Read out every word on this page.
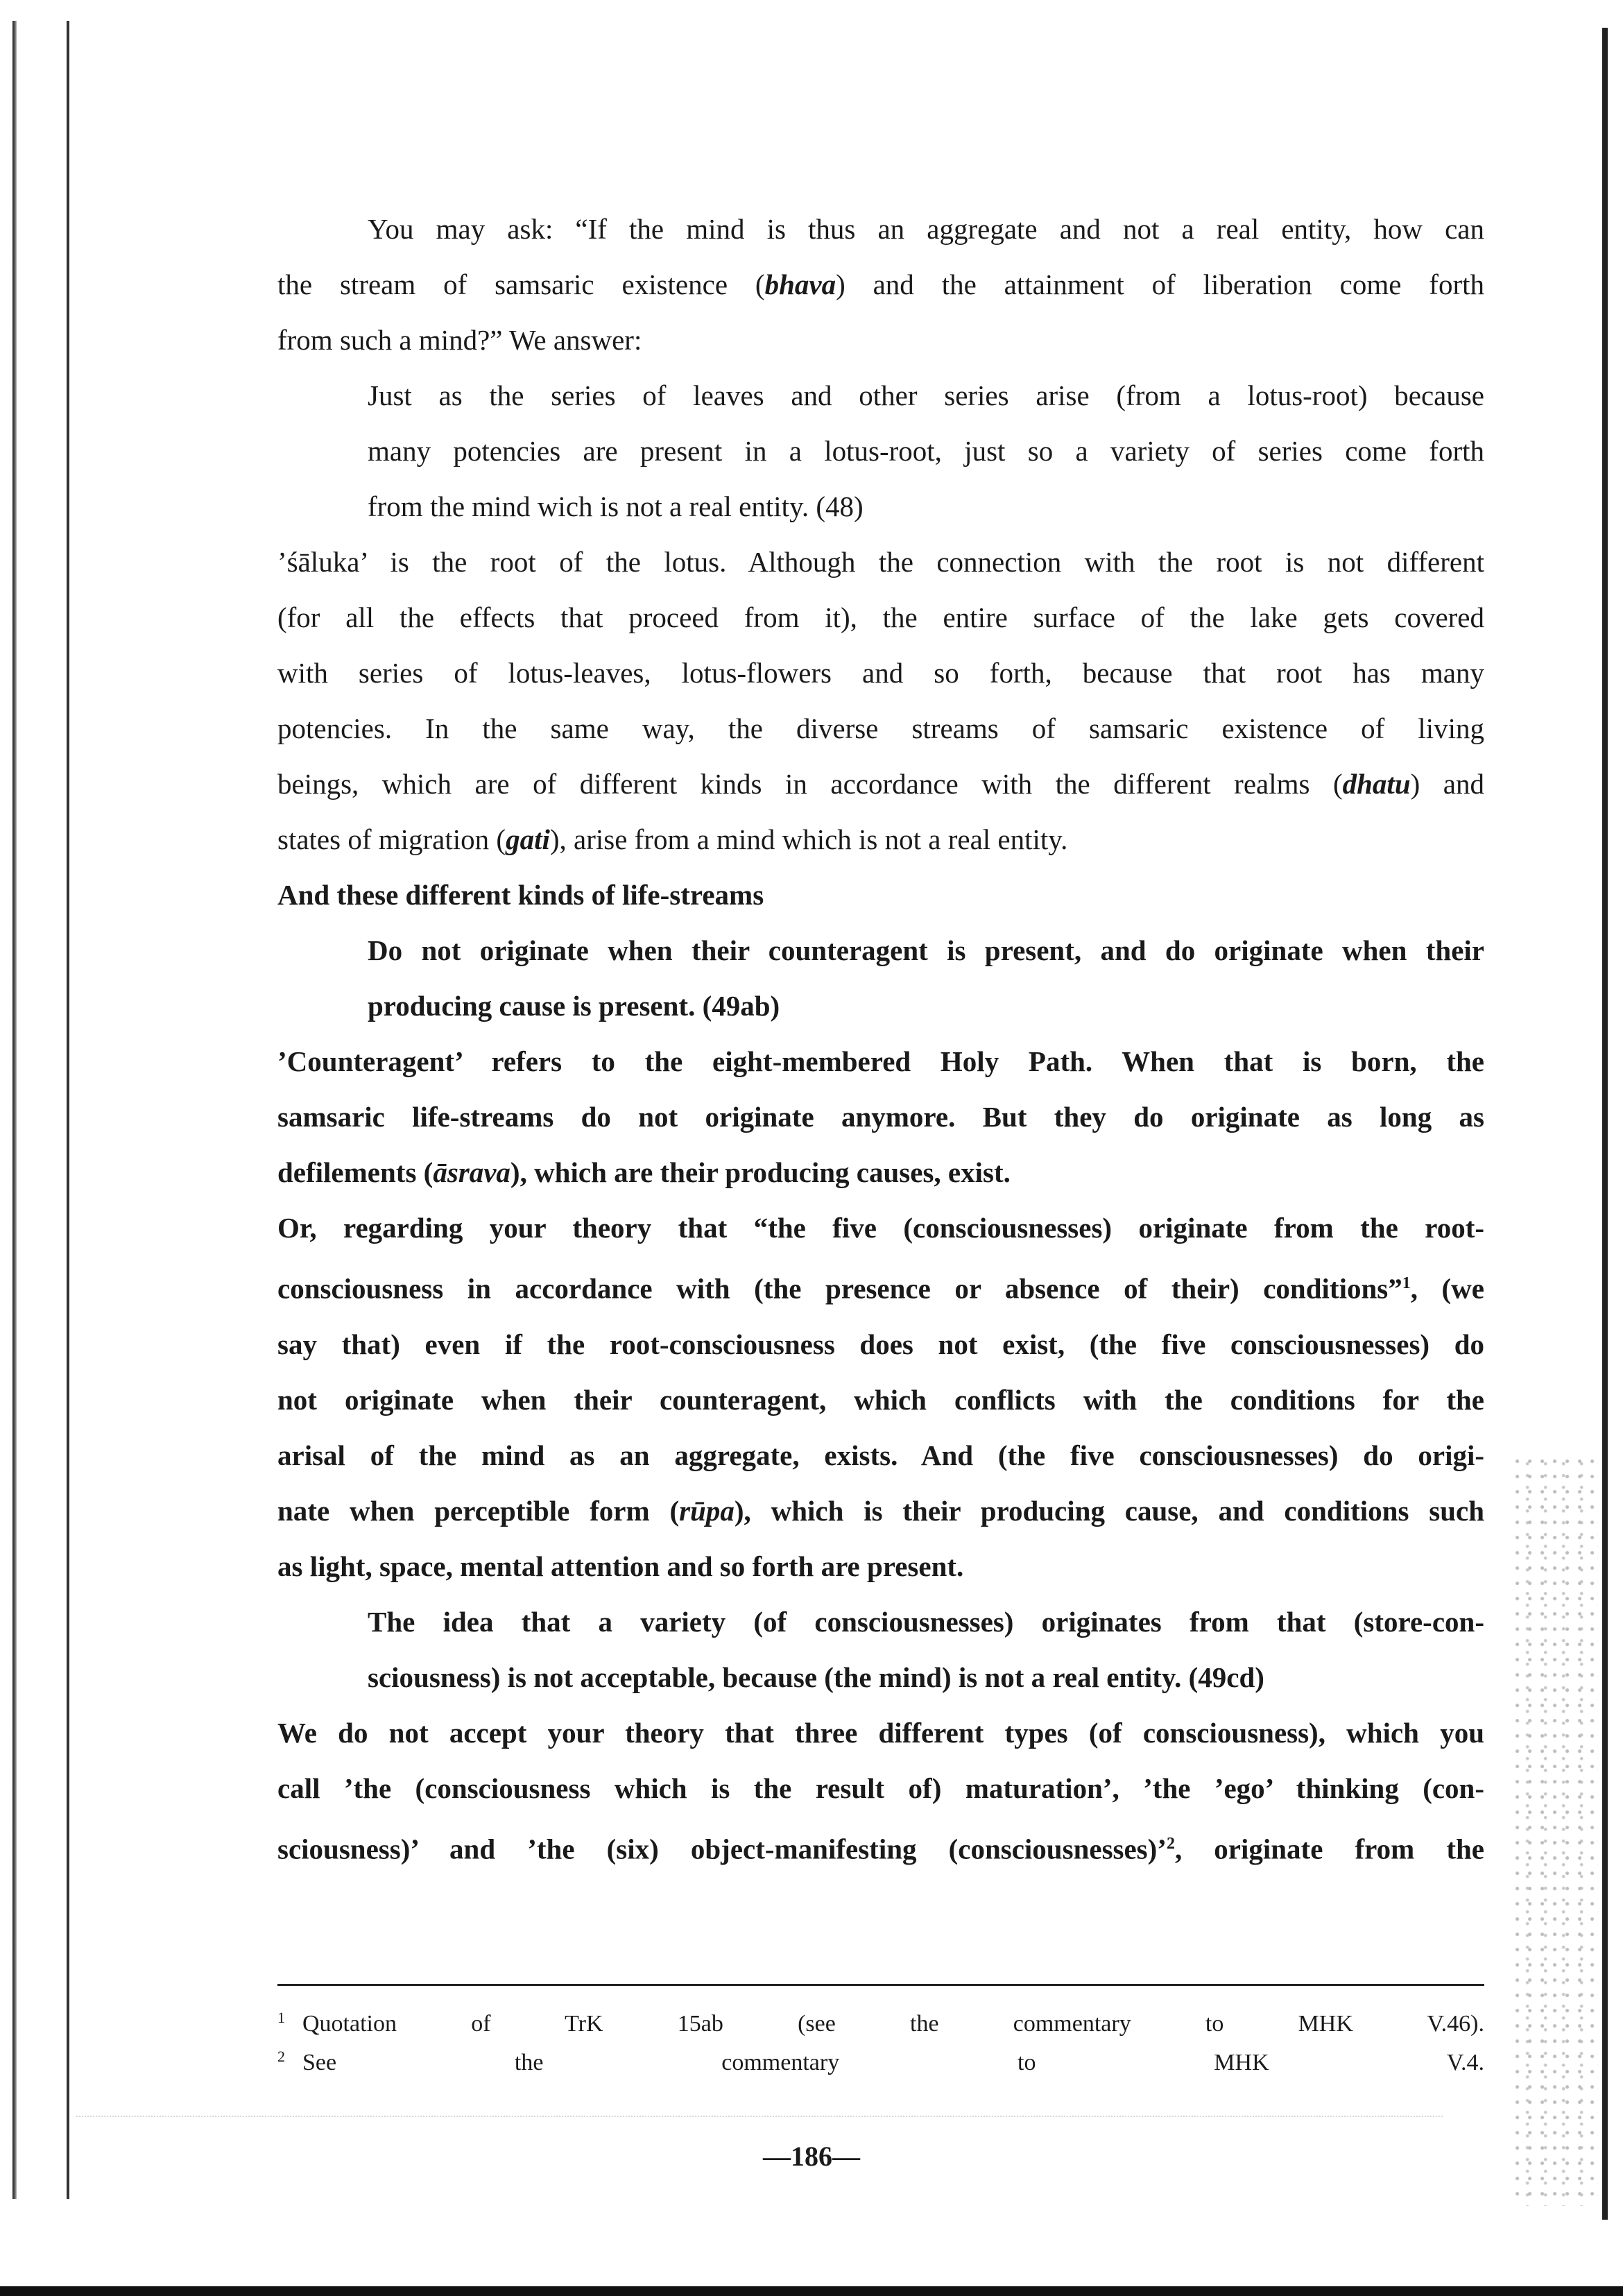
You may ask: “If the mind is thus an aggregate and not a real entity, how can

the stream of samsaric existence (bhava) and the attainment of liberation come forth

from such a mind?” We answer:

Just as the series of leaves and other series arise (from a lotus-root) because

many potencies are present in a lotus-root, just so a variety of series come forth

from the mind wich is not a real entity. (48)

’śāluka’ is the root of the lotus. Although the connection with the root is not different

(for all the effects that proceed from it), the entire surface of the lake gets covered

with series of lotus-leaves, lotus-flowers and so forth, because that root has many

potencies. In the same way, the diverse streams of samsaric existence of living

beings, which are of different kinds in accordance with the different realms (dhatu) and

states of migration (gati), arise from a mind which is not a real entity.

And these different kinds of life-streams

Do not originate when their counteragent is present, and do originate when their

producing cause is present. (49ab)

’Counteragent’ refers to the eight-membered Holy Path. When that is born, the

samsaric life-streams do not originate anymore. But they do originate as long as

defilements (āsrava), which are their producing causes, exist.

Or, regarding your theory that “the five (consciousnesses) originate from the root-

consciousness in accordance with (the presence or absence of their) conditions”$^1$, (we

say that) even if the root-consciousness does not exist, (the five consciousnesses) do

not originate when their counteragent, which conflicts with the conditions for the

arisal of the mind as an aggregate, exists. And (the five consciousnesses) do origi-

nate when perceptible form (rūpa), which is their producing cause, and conditions such

as light, space, mental attention and so forth are present.

The idea that a variety (of consciousnesses) originates from that (store-con-

sciousness) is not acceptable, because (the mind) is not a real entity. (49cd)

We do not accept your theory that three different types (of consciousness), which you

call ’the (consciousness which is the result of) maturation’, ’the ’ego’ thinking (con-

sciousness)’ and ’the (six) object-manifesting (consciousnesses)’$^2$, originate from the

1 Quotation of TrK 15ab (see the commentary to MHK V.46).

2 See the commentary to MHK V.4.

—186—
